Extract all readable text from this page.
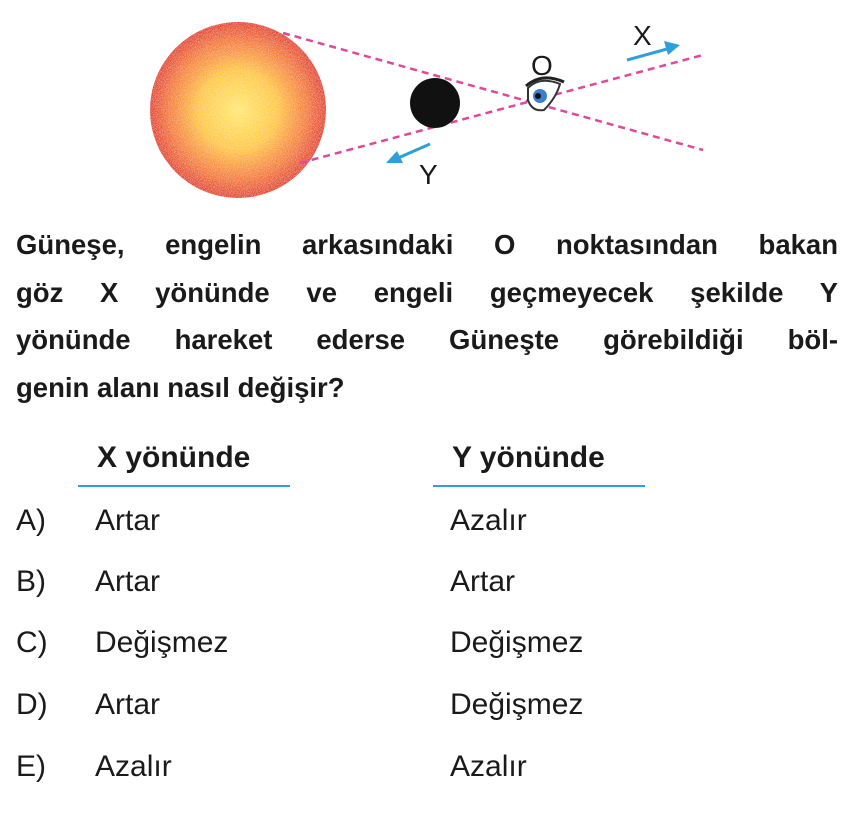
O
X
Y

Güneşe, engelin arkasındaki O noktasından bakan
göz X yönünde ve engeli geçmeyecek şekilde Y
yönünde hareket ederse Güneşte görebildiği böl-
genin alanı nasıl değişir?

X yönünde	Y yönünde
A) Artar	Azalır
B) Artar	Artar
C) Değişmez	Değişmez
D) Artar	Değişmez
E) Azalır	Azalır
